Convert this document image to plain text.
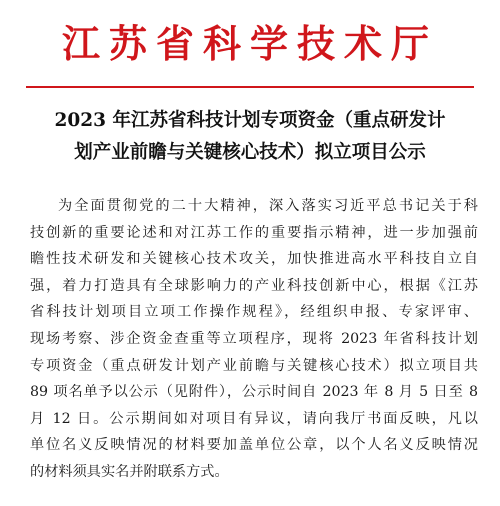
江苏省科学技术厅
2023 年江苏省科技计划专项资金（重点研发计
划产业前瞻与关键核心技术）拟立项目公示
为全面贯彻党的二十大精神，深入落实习近平总书记关于科
技创新的重要论述和对江苏工作的重要指示精神，进一步加强前
瞻性技术研发和关键核心技术攻关，加快推进高水平科技自立自
强，着力打造具有全球影响力的产业科技创新中心，根据《江苏
省科技计划项目立项工作操作规程》，经组织申报、专家评审、
现场考察、涉企资金查重等立项程序，现将 2023 年省科技计划
专项资金（重点研发计划产业前瞻与关键核心技术）拟立项目共
89 项名单予以公示（见附件），公示时间自 2023 年 8 月 5 日至 8
月 12 日。公示期间如对项目有异议，请向我厅书面反映，凡以
单位名义反映情况的材料要加盖单位公章，以个人名义反映情况
的材料须具实名并附联系方式。
